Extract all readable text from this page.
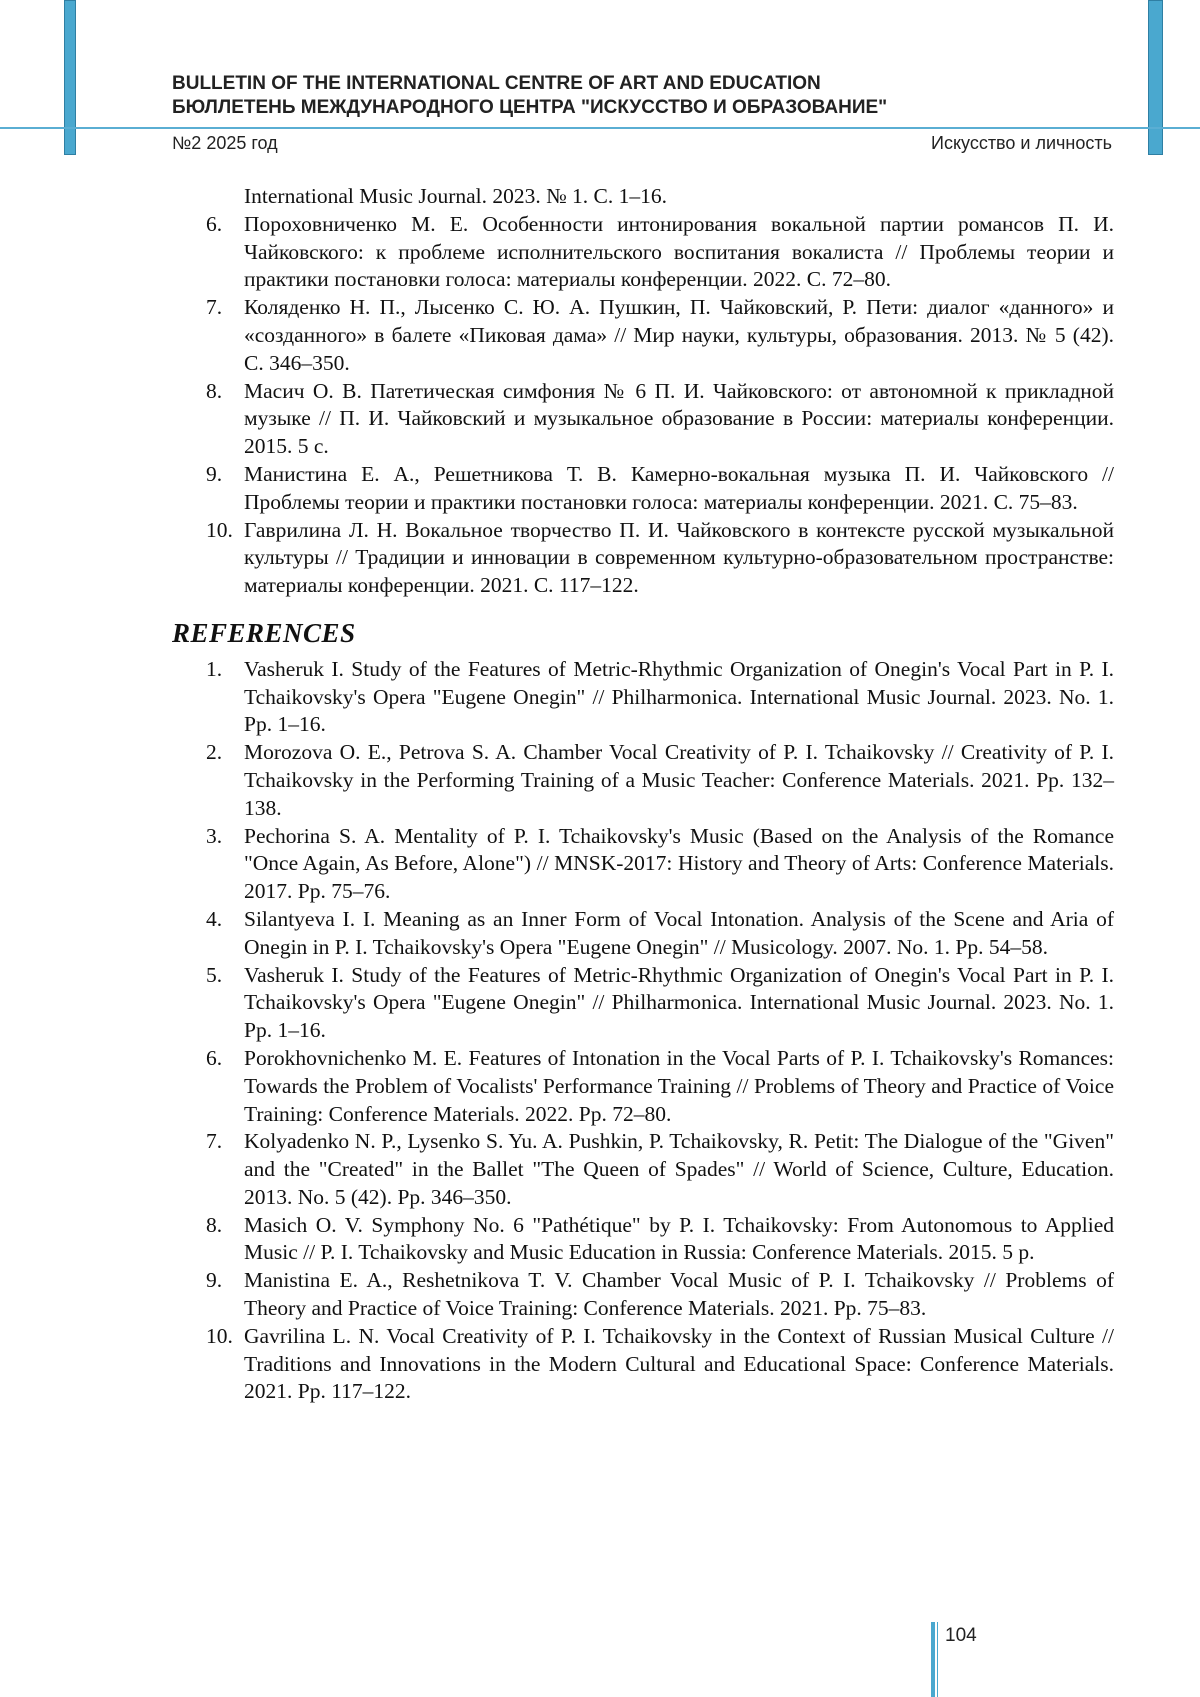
BULLETIN OF THE INTERNATIONAL CENTRE OF ART AND EDUCATION
БЮЛЛЕТЕНЬ МЕЖДУНАРОДНОГО ЦЕНТРА "ИСКУССТВО И ОБРАЗОВАНИЕ"
№2 2025 год	Искусство и личность
International Music Journal. 2023. № 1. С. 1–16.
6.	Пороховниченко М. Е. Особенности интонирования вокальной партии романсов П. И. Чайковского: к проблеме исполнительского воспитания вокалиста // Проблемы теории и практики постановки голоса: материалы конференции. 2022. С. 72–80.
7.	Коляденко Н. П., Лысенко С. Ю. А. Пушкин, П. Чайковский, Р. Пети: диалог «данного» и «созданного» в балете «Пиковая дама» // Мир науки, культуры, образования. 2013. № 5 (42). С. 346–350.
8.	Масич О. В. Патетическая симфония № 6 П. И. Чайковского: от автономной к прикладной музыке // П. И. Чайковский и музыкальное образование в России: материалы конференции. 2015. 5 с.
9.	Манистина Е. А., Решетникова Т. В. Камерно-вокальная музыка П. И. Чайковского // Проблемы теории и практики постановки голоса: материалы конференции. 2021. С. 75–83.
10. Гаврилина Л. Н. Вокальное творчество П. И. Чайковского в контексте русской музыкальной культуры // Традиции и инновации в современном культурно-образовательном пространстве: материалы конференции. 2021. С. 117–122.
REFERENCES
1.	Vasheruk I. Study of the Features of Metric-Rhythmic Organization of Onegin's Vocal Part in P. I. Tchaikovsky's Opera "Eugene Onegin" // Philharmonica. International Music Journal. 2023. No. 1. Pp. 1–16.
2.	Morozova O. E., Petrova S. A. Chamber Vocal Creativity of P. I. Tchaikovsky // Creativity of P. I. Tchaikovsky in the Performing Training of a Music Teacher: Conference Materials. 2021. Pp. 132–138.
3.	Pechorina S. A. Mentality of P. I. Tchaikovsky's Music (Based on the Analysis of the Romance "Once Again, As Before, Alone") // MNSK-2017: History and Theory of Arts: Conference Materials. 2017. Pp. 75–76.
4.	Silantyeva I. I. Meaning as an Inner Form of Vocal Intonation. Analysis of the Scene and Aria of Onegin in P. I. Tchaikovsky's Opera "Eugene Onegin" // Musicology. 2007. No. 1. Pp. 54–58.
5.	Vasheruk I. Study of the Features of Metric-Rhythmic Organization of Onegin's Vocal Part in P. I. Tchaikovsky's Opera "Eugene Onegin" // Philharmonica. International Music Journal. 2023. No. 1. Pp. 1–16.
6.	Porokhovnichenko M. E. Features of Intonation in the Vocal Parts of P. I. Tchaikovsky's Romances: Towards the Problem of Vocalists' Performance Training // Problems of Theory and Practice of Voice Training: Conference Materials. 2022. Pp. 72–80.
7.	Kolyadenko N. P., Lysenko S. Yu. A. Pushkin, P. Tchaikovsky, R. Petit: The Dialogue of the "Given" and the "Created" in the Ballet "The Queen of Spades" // World of Science, Culture, Education. 2013. No. 5 (42). Pp. 346–350.
8.	Masich O. V. Symphony No. 6 "Pathétique" by P. I. Tchaikovsky: From Autonomous to Applied Music // P. I. Tchaikovsky and Music Education in Russia: Conference Materials. 2015. 5 p.
9.	Manistina E. A., Reshetnikova T. V. Chamber Vocal Music of P. I. Tchaikovsky // Problems of Theory and Practice of Voice Training: Conference Materials. 2021. Pp. 75–83.
10. Gavrilina L. N. Vocal Creativity of P. I. Tchaikovsky in the Context of Russian Musical Culture // Traditions and Innovations in the Modern Cultural and Educational Space: Conference Materials. 2021. Pp. 117–122.
104
